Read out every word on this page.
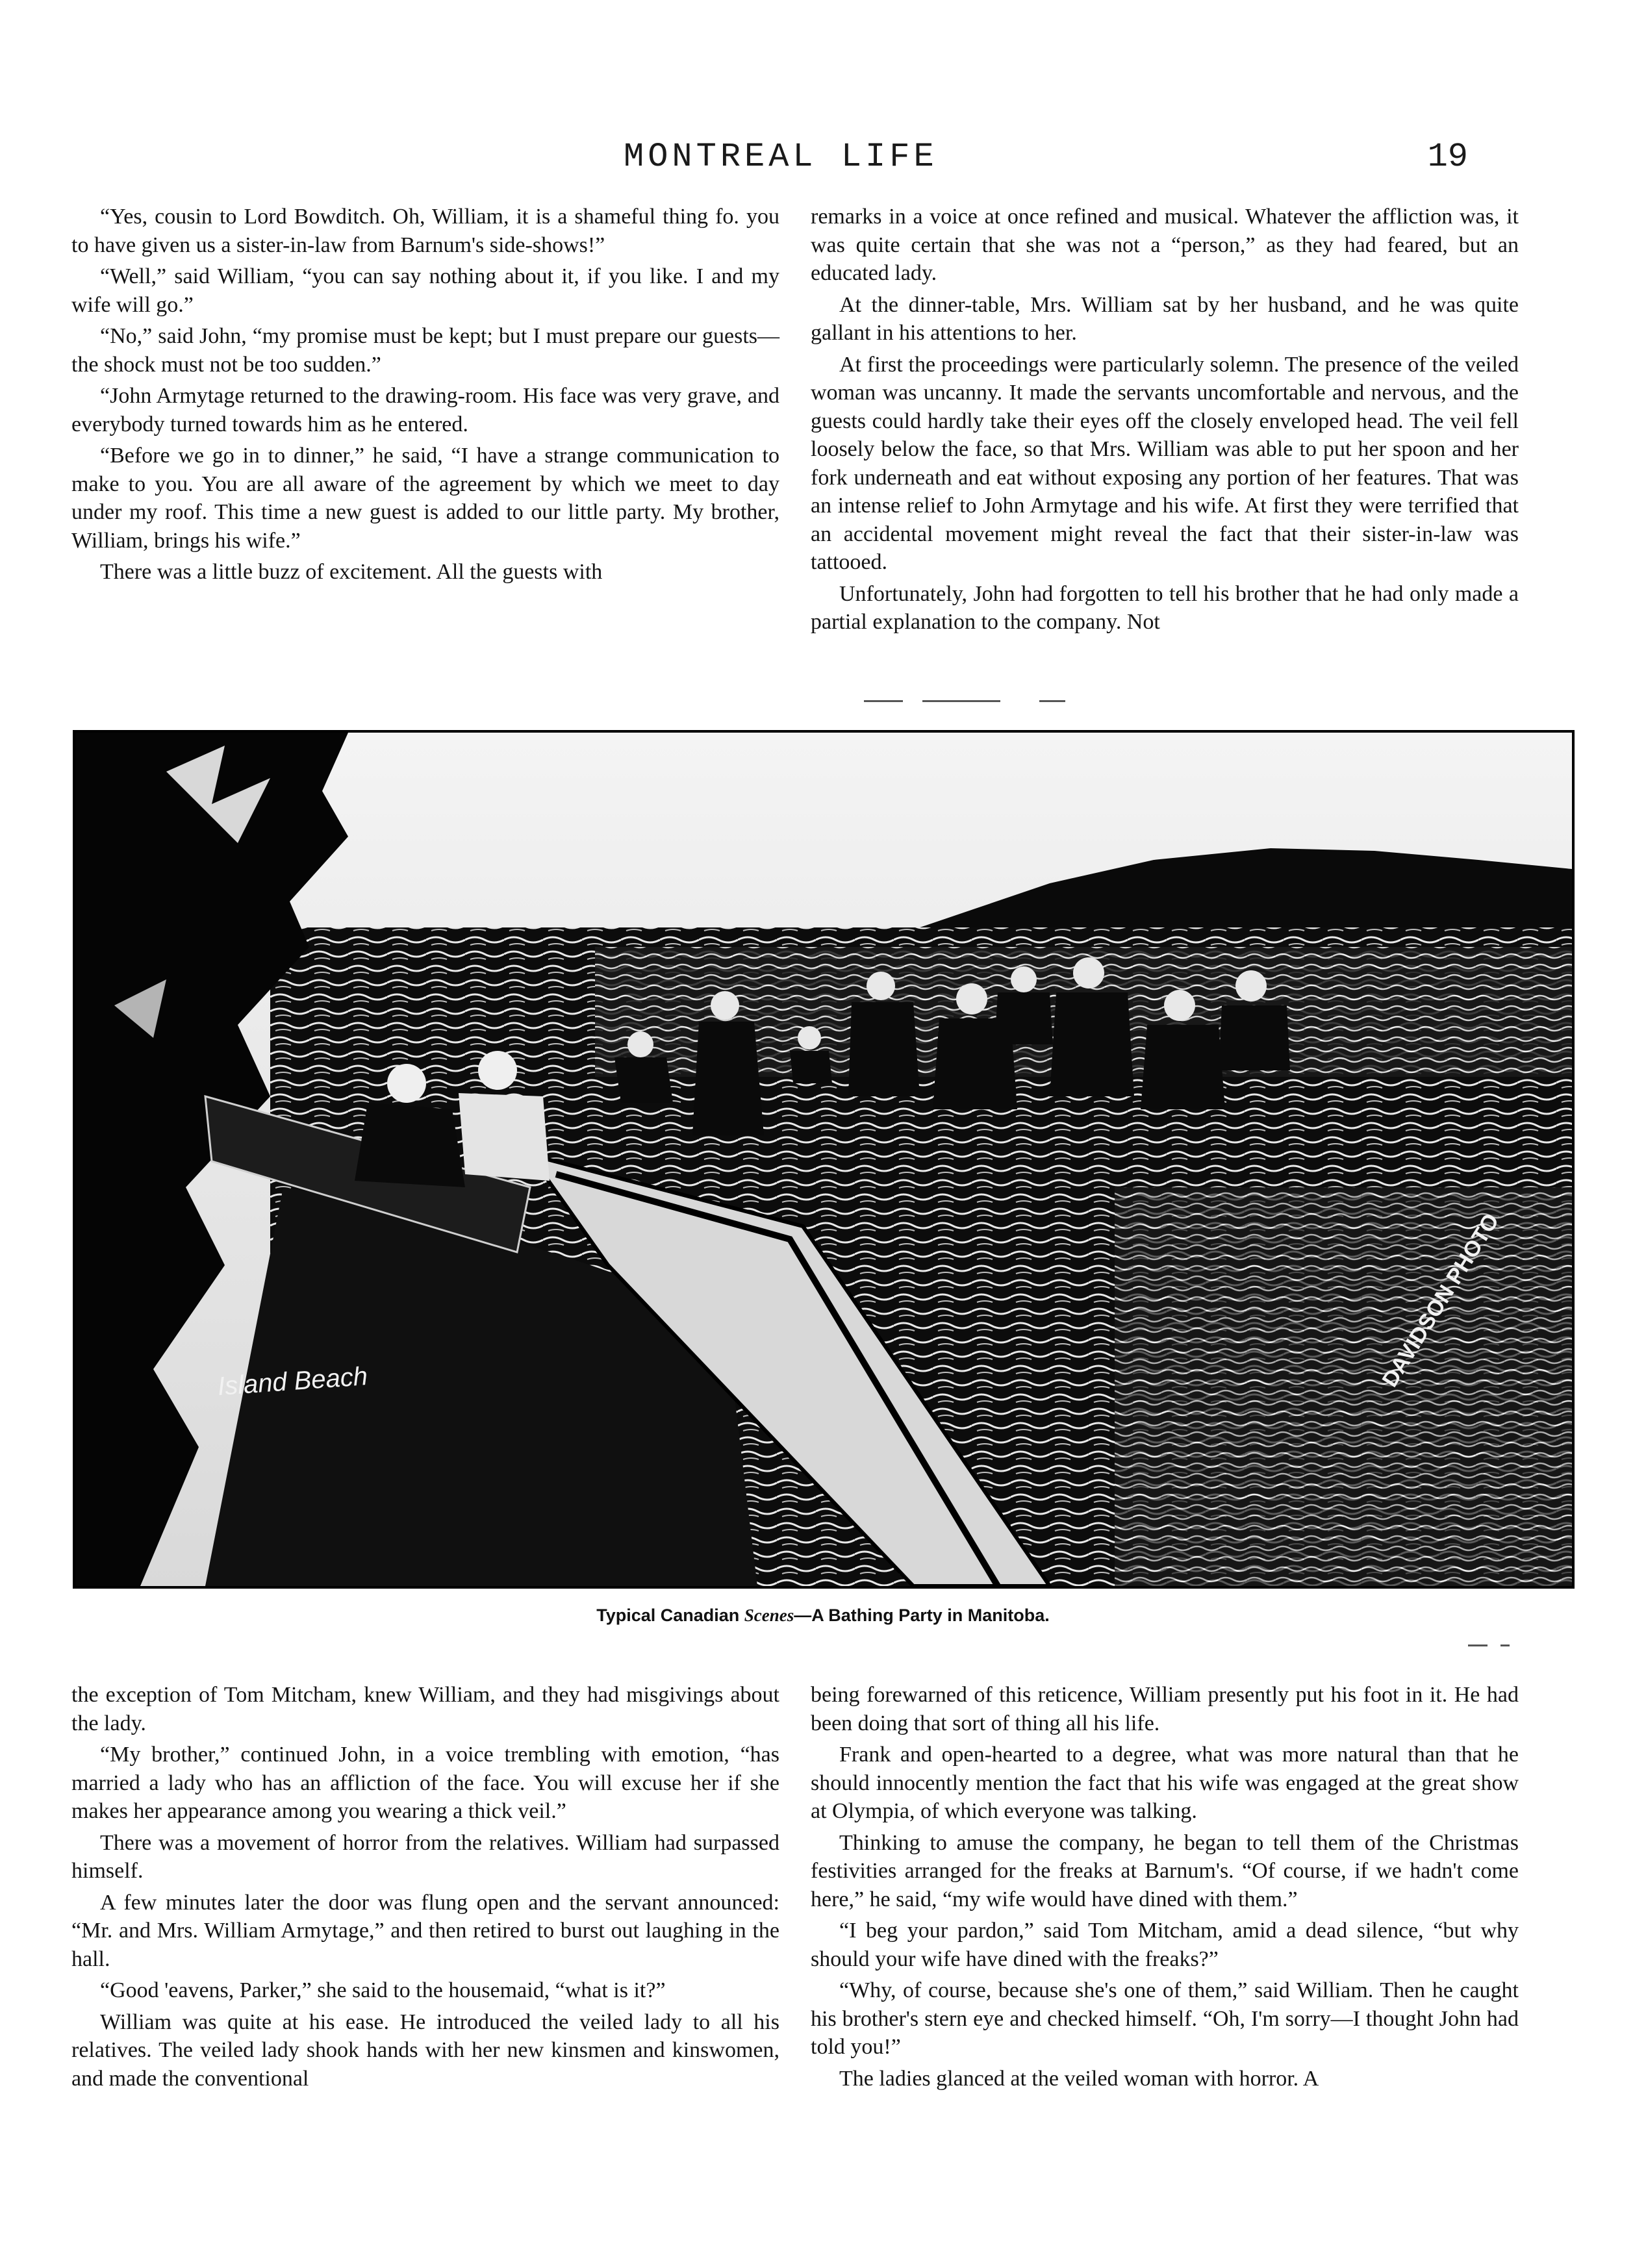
MONTREAL LIFE	19

“Yes, cousin to Lord Bowditch. Oh, William, it is a shameful thing fo. you to have given us a sister-in-law from Barnum's side-shows!”

“Well,” said William, “you can say nothing about it, if you like. I and my wife will go.”

“No,” said John, “my promise must be kept; but I must prepare our guests—the shock must not be too sudden.”

“John Armytage returned to the drawing-room. His face was very grave, and everybody turned towards him as he entered.

“Before we go in to dinner,” he said, “I have a strange communication to make to you. You are all aware of the agreement by which we meet to day under my roof. This time a new guest is added to our little party. My brother, William, brings his wife.”

There was a little buzz of excitement. All the guests with

remarks in a voice at once refined and musical. Whatever the affliction was, it was quite certain that she was not a “person,” as they had feared, but an educated lady.

At the dinner-table, Mrs. William sat by her husband, and he was quite gallant in his attentions to her.

At first the proceedings were particularly solemn. The presence of the veiled woman was uncanny. It made the servants uncomfortable and nervous, and the guests could hardly take their eyes off the closely enveloped head. The veil fell loosely below the face, so that Mrs. William was able to put her spoon and her fork underneath and eat without exposing any portion of her features. That was an intense relief to John Armytage and his wife. At first they were terrified that an accidental movement might reveal the fact that their sister-in-law was tattooed.

Unfortunately, John had forgotten to tell his brother that he had only made a partial explanation to the company. Not

Island Beach	DAVIDSON PHOTO
Typical Canadian Scenes—A Bathing Party in Manitoba.

the exception of Tom Mitcham, knew William, and they had misgivings about the lady.

“My brother,” continued John, in a voice trembling with emotion, “has married a lady who has an affliction of the face. You will excuse her if she makes her appearance among you wearing a thick veil.”

There was a movement of horror from the relatives. William had surpassed himself.

A few minutes later the door was flung open and the servant announced: “Mr. and Mrs. William Armytage,” and then retired to burst out laughing in the hall.

“Good 'eavens, Parker,” she said to the housemaid, “what is it?”

William was quite at his ease. He introduced the veiled lady to all his relatives. The veiled lady shook hands with her new kinsmen and kinswomen, and made the conventional

being forewarned of this reticence, William presently put his foot in it. He had been doing that sort of thing all his life.

Frank and open-hearted to a degree, what was more natural than that he should innocently mention the fact that his wife was engaged at the great show at Olympia, of which everyone was talking.

Thinking to amuse the company, he began to tell them of the Christmas festivities arranged for the freaks at Barnum's. “Of course, if we hadn't come here,” he said, “my wife would have dined with them.”

“I beg your pardon,” said Tom Mitcham, amid a dead silence, “but why should your wife have dined with the freaks?”

“Why, of course, because she's one of them,” said William. Then he caught his brother's stern eye and checked himself. “Oh, I'm sorry—I thought John had told you!”

The ladies glanced at the veiled woman with horror. A
